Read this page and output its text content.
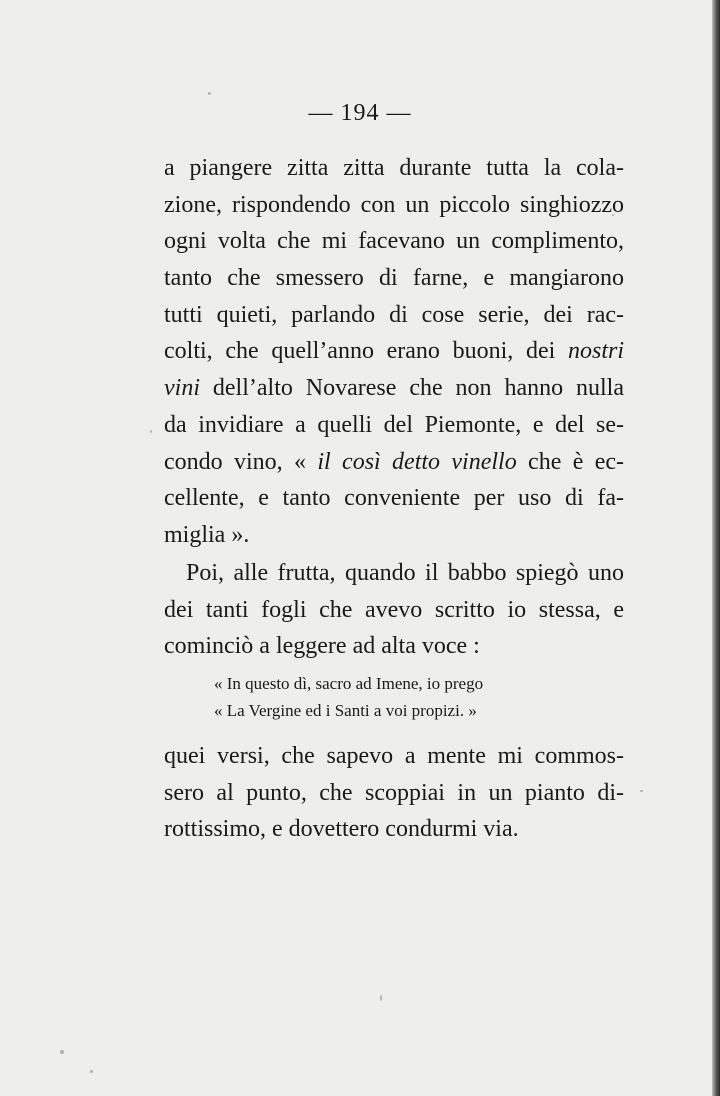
— 194 —
a piangere zitta zitta durante tutta la cola-
zione, rispondendo con un piccolo singhiozzo
ogni volta che mi facevano un complimento,
tanto che smessero di farne, e mangiarono
tutti quieti, parlando di cose serie, dei rac-
colti, che quell’anno erano buoni, dei nostri
vini dell’alto Novarese che non hanno nulla
da invidiare a quelli del Piemonte, e del se-
condo vino, « il così detto vinello che è ec-
cellente, e tanto conveniente per uso di fa-
miglia ».
Poi, alle frutta, quando il babbo spiegò uno
dei tanti fogli che avevo scritto io stessa, e
cominciò a leggere ad alta voce :
« In questo dì, sacro ad Imene, io prego
« La Vergine ed i Santi a voi propizi. »
quei versi, che sapevo a mente mi commos-
sero al punto, che scoppiai in un pianto di-
rottissimo, e dovettero condurmi via.
